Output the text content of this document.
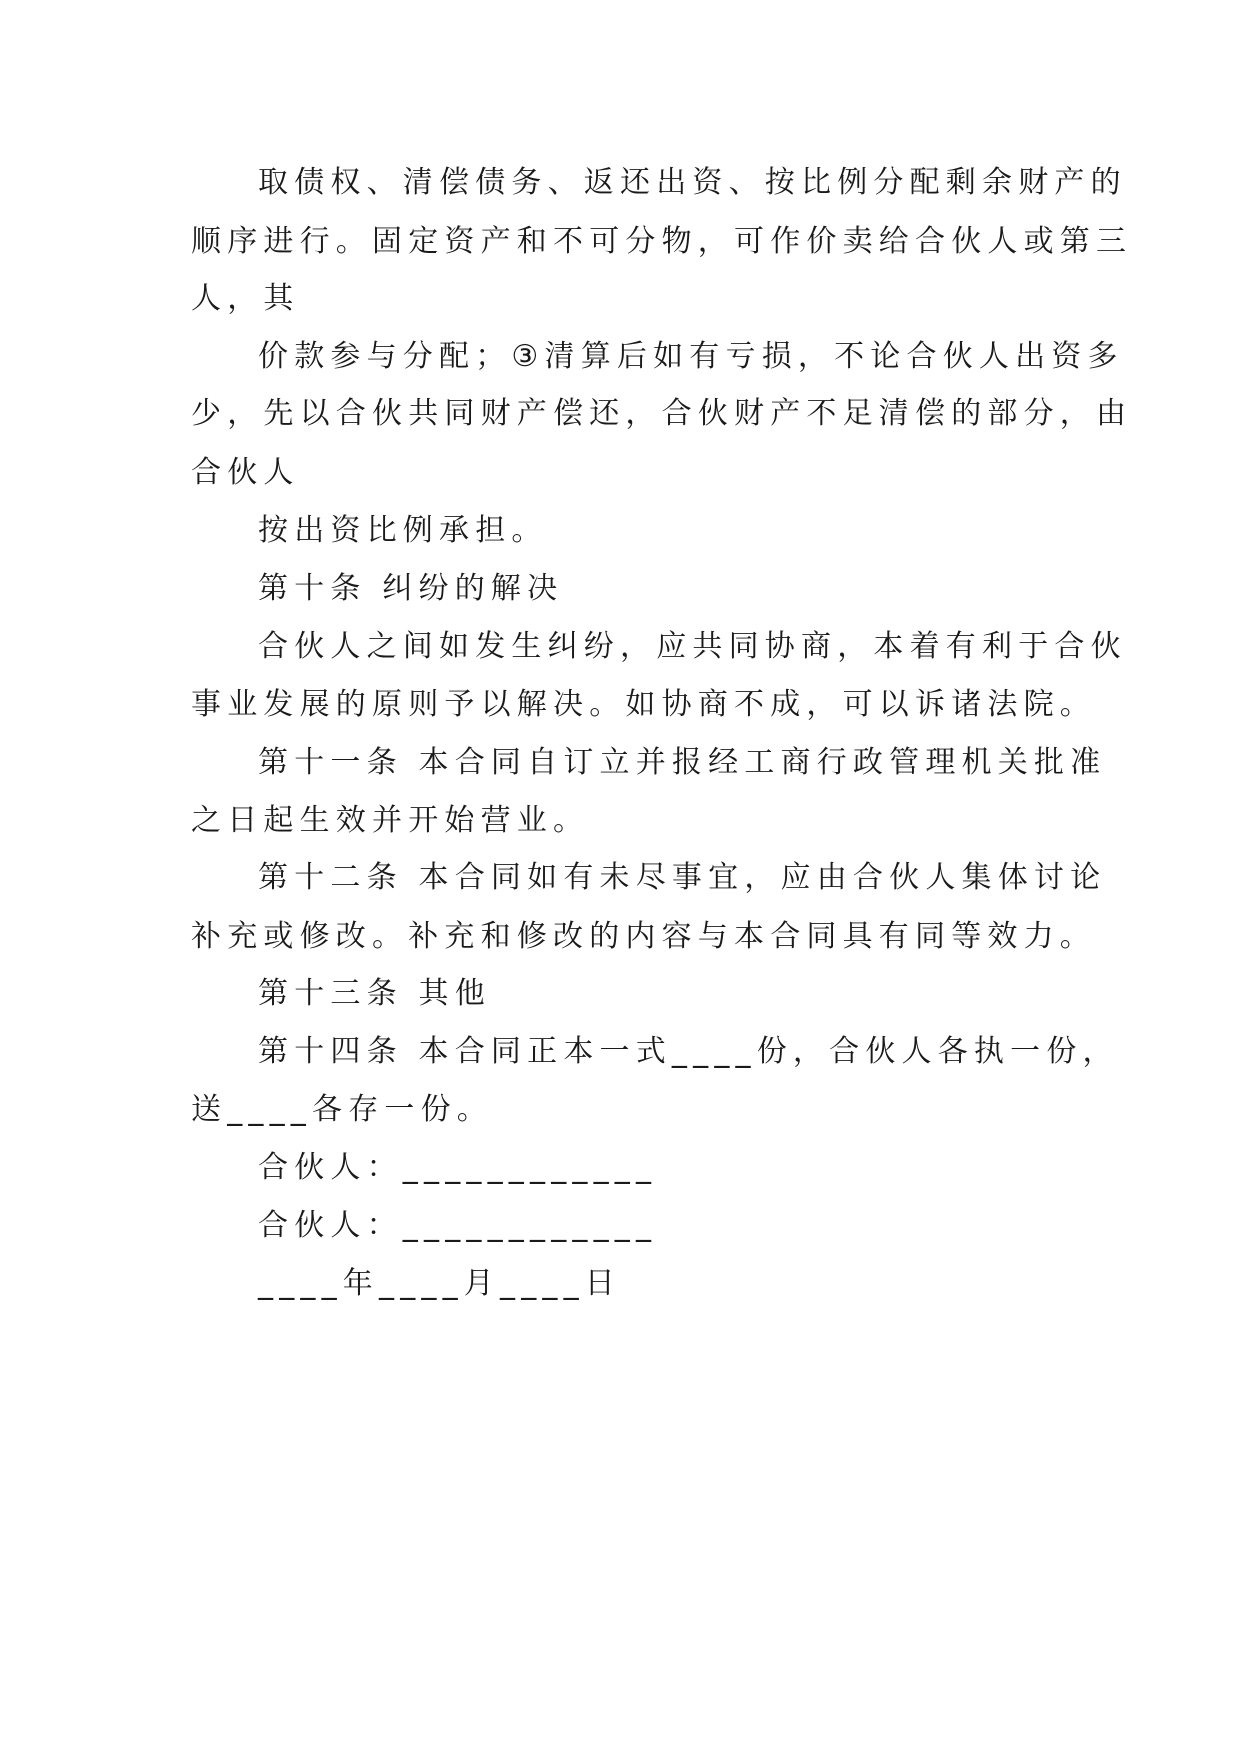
取债权、清偿债务、返还出资、按比例分配剩余财产的
顺序进行。固定资产和不可分物，可作价卖给合伙人或第三
人，其
价款参与分配；③清算后如有亏损，不论合伙人出资多
少，先以合伙共同财产偿还，合伙财产不足清偿的部分，由
合伙人
按出资比例承担。
第十条 纠纷的解决
合伙人之间如发生纠纷，应共同协商，本着有利于合伙
事业发展的原则予以解决。如协商不成，可以诉诸法院。
第十一条 本合同自订立并报经工商行政管理机关批准
之日起生效并开始营业。
第十二条 本合同如有未尽事宜，应由合伙人集体讨论
补充或修改。补充和修改的内容与本合同具有同等效力。
第十三条 其他
第十四条 本合同正本一式____份，合伙人各执一份，
送____各存一份。
合伙人：____________
合伙人：____________
____年____月____日
